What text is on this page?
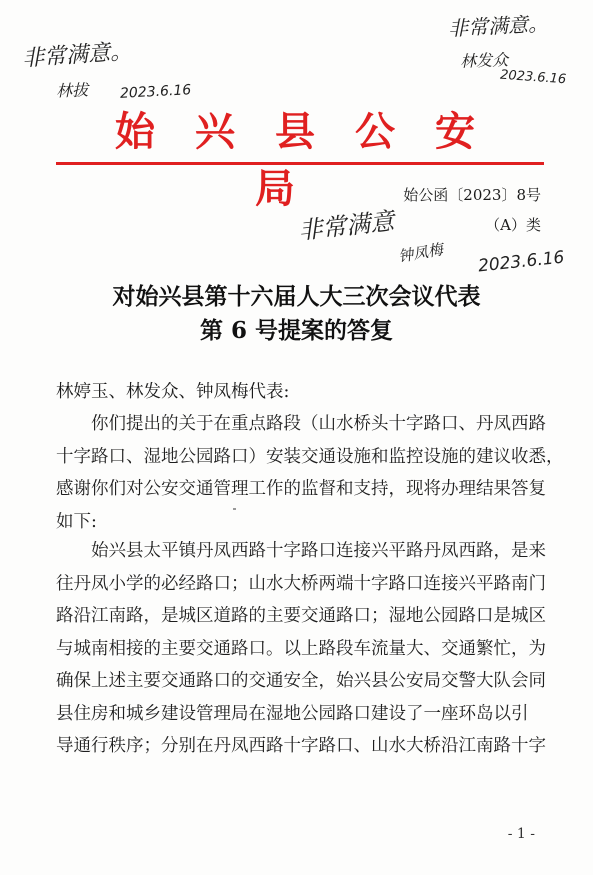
非常满意。
林拔 2023.6.16
非常满意。
林发众
2023.6.16
始兴县公安局	始公函〔2023〕8号
（A）类
非常满意
钟凤梅 2023.6.16
对始兴县第十六届人大三次会议代表
第 6 号提案的答复
林婷玉、林发众、钟凤梅代表:
你们提出的关于在重点路段（山水桥头十字路口、丹凤西路
十字路口、湿地公园路口）安装交通设施和监控设施的建议收悉，
感谢你们对公安交通管理工作的监督和支持，现将办理结果答复
如下:
始兴县太平镇丹凤西路十字路口连接兴平路丹凤西路，是来
往丹凤小学的必经路口；山水大桥两端十字路口连接兴平路南门
路沿江南路，是城区道路的主要交通路口；湿地公园路口是城区
与城南相接的主要交通路口。以上路段车流量大、交通繁忙，为
确保上述主要交通路口的交通安全，始兴县公安局交警大队会同
县住房和城乡建设管理局在湿地公园路口建设了一座环岛以引
导通行秩序；分别在丹凤西路十字路口、山水大桥沿江南路十字
- 1 -
